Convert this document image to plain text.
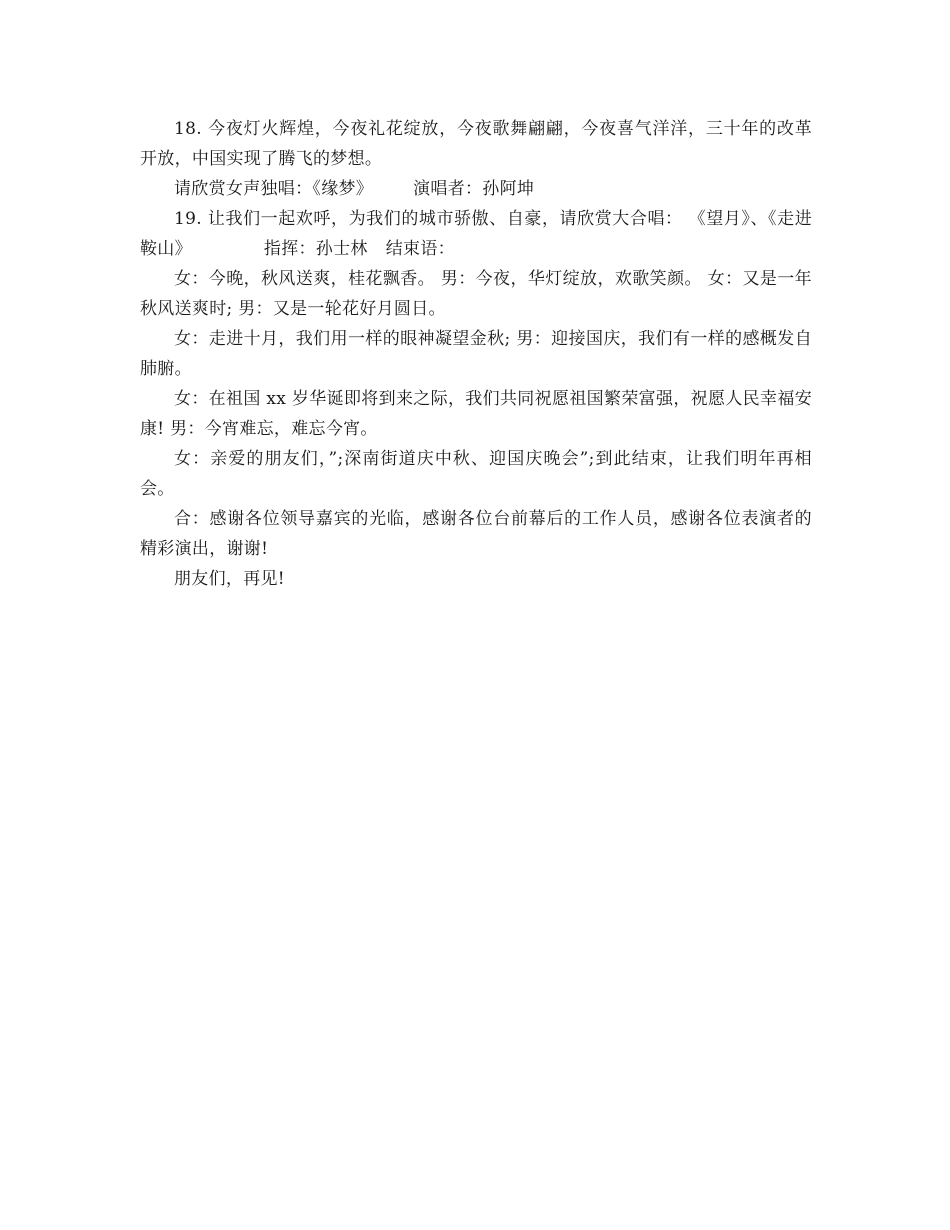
18. 今夜灯火辉煌，今夜礼花绽放，今夜歌舞翩翩，今夜喜气洋洋，三十年的改革开放，中国实现了腾飞的梦想。

请欣赏女声独唱：《缘梦》 演唱者：孙阿坤

19. 让我们一起欢呼，为我们的城市骄傲、自豪，请欣赏大合唱： 《望月》、《走进鞍山》	指挥：孙士林 结束语：

女：今晚，秋风送爽，桂花飘香。 男：今夜，华灯绽放，欢歌笑颜。 女：又是一年秋风送爽时; 男：又是一轮花好月圆日。

女：走进十月，我们用一样的眼神凝望金秋; 男：迎接国庆，我们有一样的感概发自肺腑。

女：在祖国 xx 岁华诞即将到来之际，我们共同祝愿祖国繁荣富强，祝愿人民幸福安康! 男：今宵难忘，难忘今宵。

女：亲爱的朋友们，”;深南街道庆中秋、迎国庆晚会”;到此结束，让我们明年再相会。

合：感谢各位领导嘉宾的光临，感谢各位台前幕后的工作人员，感谢各位表演者的精彩演出，谢谢!

朋友们，再见!
